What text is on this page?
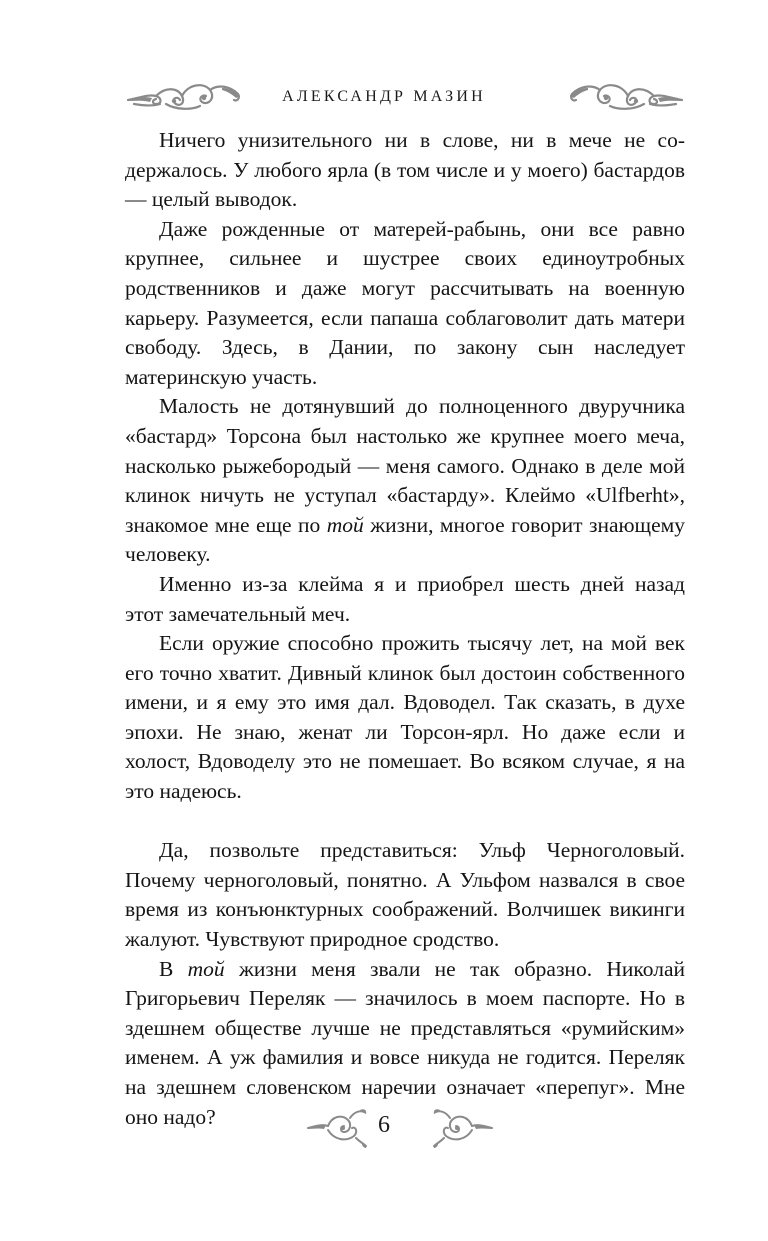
АЛЕКСАНДР МАЗИН

Ничего унизительного ни в слове, ни в мече не содержалось. У любого ярла (в том числе и у моего) бастардов — целый выводок.

Даже рожденные от матерей-рабынь, они все равно крупнее, сильнее и шустрее своих единоутробных родственников и даже могут рассчитывать на военную карьеру. Разумеется, если папаша соблаговолит дать матери свободу. Здесь, в Дании, по закону сын наследует материнскую участь.

Малость не дотянувший до полноценного двуручника «бастард» Торсона был настолько же крупнее моего меча, насколько рыжебородый — меня самого. Однако в деле мой клинок ничуть не уступал «бастарду». Клеймо «Ulfberht», знакомое мне еще по той жизни, многое говорит знающему человеку.

Именно из-за клейма я и приобрел шесть дней назад этот замечательный меч.

Если оружие способно прожить тысячу лет, на мой век его точно хватит. Дивный клинок был достоин собственного имени, и я ему это имя дал. Вдоводел. Так сказать, в духе эпохи. Не знаю, женат ли Торсон-ярл. Но даже если и холост, Вдоводелу это не помешает. Во всяком случае, я на это надеюсь.

Да, позвольте представиться: Ульф Черноголовый. Почему черноголовый, понятно. А Ульфом назвался в свое время из конъюнктурных соображений. Волчишек викинги жалуют. Чувствуют природное сродство.

В той жизни меня звали не так образно. Николай Григорьевич Переляк — значилось в моем паспорте. Но в здешнем обществе лучше не представляться «румийским» именем. А уж фамилия и вовсе никуда не годится. Переляк на здешнем словенском наречии означает «перепуг». Мне оно надо?	6
